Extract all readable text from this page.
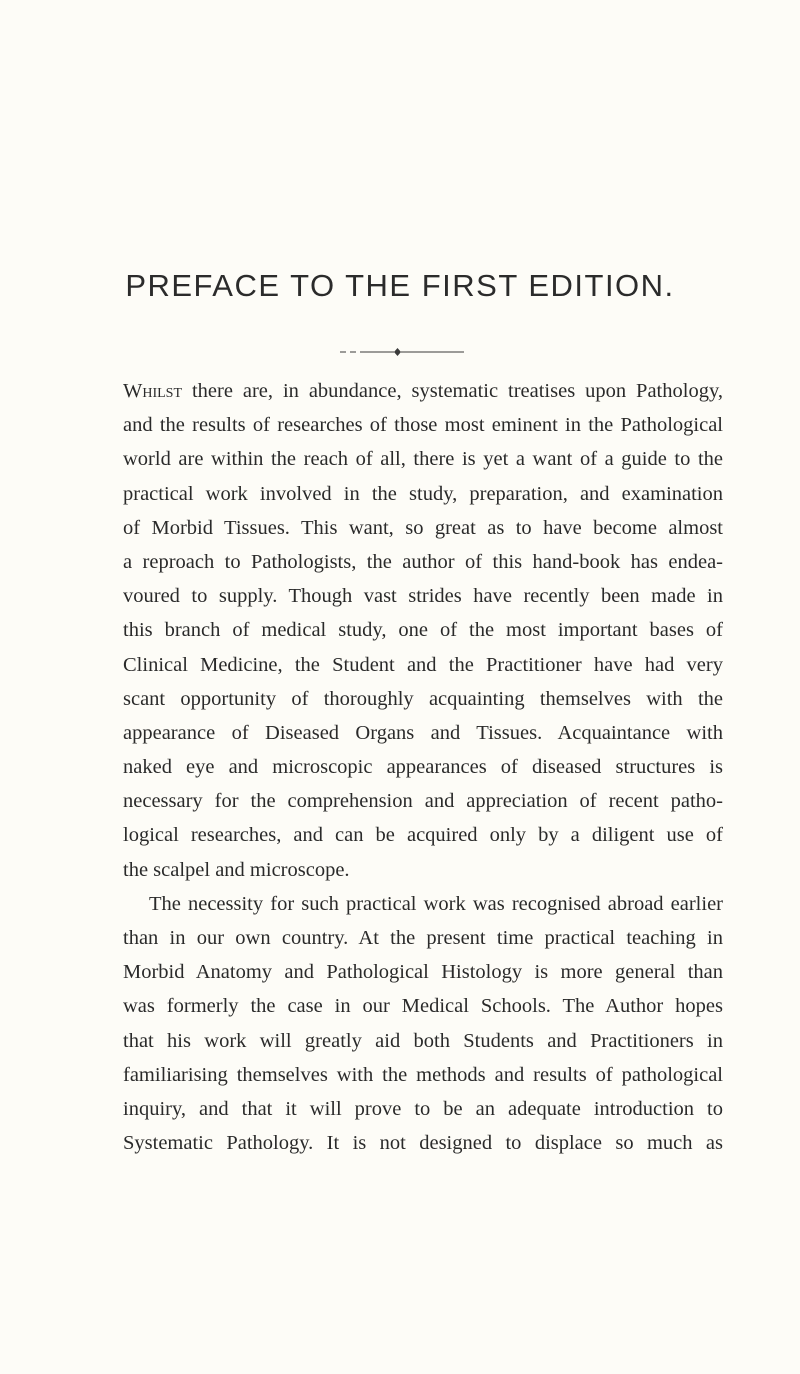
PREFACE TO THE FIRST EDITION.
Whilst there are, in abundance, systematic treatises upon Pathology,
and the results of researches of those most eminent in the Pathological
world are within the reach of all, there is yet a want of a guide to the
practical work involved in the study, preparation, and examination
of Morbid Tissues. This want, so great as to have become almost
a reproach to Pathologists, the author of this hand-book has endea-
voured to supply. Though vast strides have recently been made in
this branch of medical study, one of the most important bases of
Clinical Medicine, the Student and the Practitioner have had very
scant opportunity of thoroughly acquainting themselves with the
appearance of Diseased Organs and Tissues. Acquaintance with
naked eye and microscopic appearances of diseased structures is
necessary for the comprehension and appreciation of recent patho-
logical researches, and can be acquired only by a diligent use of
the scalpel and microscope.
The necessity for such practical work was recognised abroad earlier
than in our own country. At the present time practical teaching in
Morbid Anatomy and Pathological Histology is more general than
was formerly the case in our Medical Schools. The Author hopes
that his work will greatly aid both Students and Practitioners in
familiarising themselves with the methods and results of pathological
inquiry, and that it will prove to be an adequate introduction to
Systematic Pathology. It is not designed to displace so much as
